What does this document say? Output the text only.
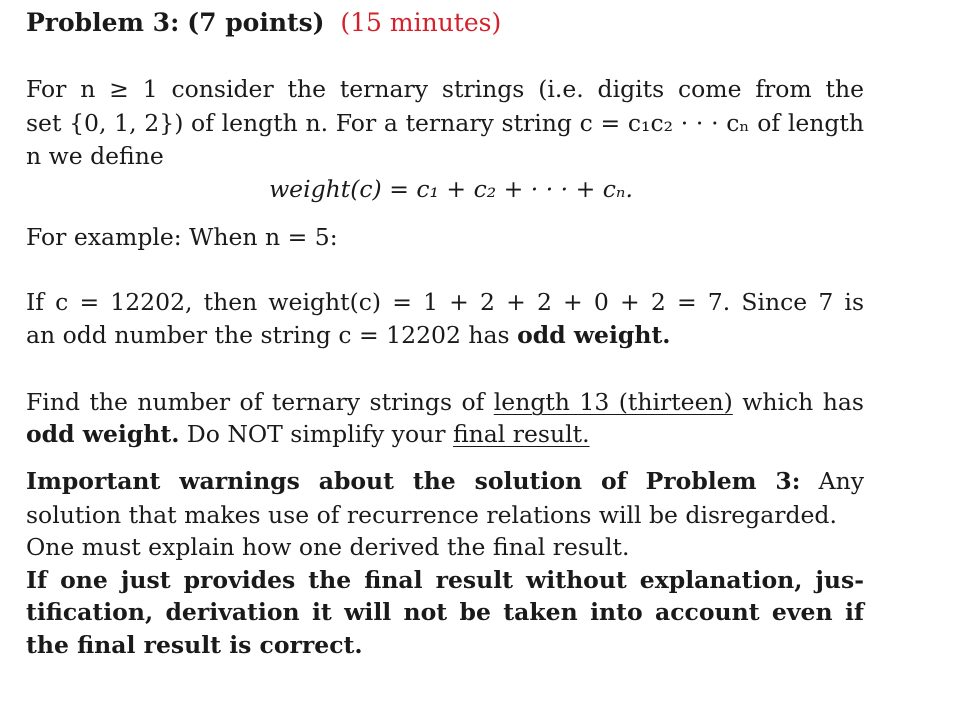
Problem 3: (7 points) (15 minutes)
For n ≥ 1 consider the ternary strings (i.e. digits come from the
set {0, 1, 2}) of length n. For a ternary string c = c₁c₂ · · · cₙ of length
n we define
weight(c) = c₁ + c₂ + · · · + cₙ.
For example: When n = 5:
If c = 12202, then weight(c) = 1 + 2 + 2 + 0 + 2 = 7. Since 7 is
an odd number the string c = 12202 has odd weight.
Find the number of ternary strings of length 13 (thirteen) which has
odd weight. Do NOT simplify your final result.
Important warnings about the solution of Problem 3: Any
solution that makes use of recurrence relations will be disregarded.
One must explain how one derived the final result.
If one just provides the final result without explanation, jus-
tification, derivation it will not be taken into account even if
the final result is correct.
